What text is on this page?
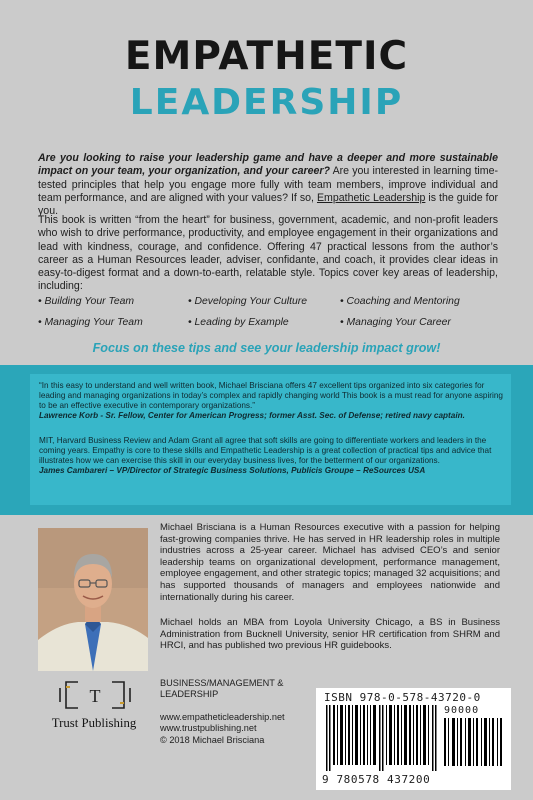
EMPATHETIC
LEADERSHIP

Are you looking to raise your leadership game and have a deeper and more sustainable impact on your team, your organization, and your career? Are you interested in learning time-tested principles that help you engage more fully with team members, improve individual and team performance, and are aligned with your values? If so, Empathetic Leadership is the guide for you.

This book is written “from the heart” for business, government, academic, and non-profit leaders who wish to drive performance, productivity, and employee engagement in their organizations and lead with kindness, courage, and confidence. Offering 47 practical lessons from the author’s career as a Human Resources leader, adviser, confidante, and coach, it provides clear ideas in easy-to-digest format and a down-to-earth, relatable style. Topics cover key areas of leadership, including:

• Building Your Team	• Developing Your Culture	• Coaching and Mentoring
• Managing Your Team	• Leading by Example	• Managing Your Career
Focus on these tips and see your leadership impact grow!

“In this easy to understand and well written book, Michael Brisciana offers 47 excellent tips organized into six categories for leading and managing organizations in today’s complex and rapidly changing world This book is a must read for anyone aspiring to be an effective executive in contemporary organizations.”
Lawrence Korb - Sr. Fellow, Center for American Progress; former Asst. Sec. of Defense; retired navy captain.

MIT, Harvard Business Review and Adam Grant all agree that soft skills are going to differentiate workers and leaders in the coming years. Empathy is core to these skills and Empathetic Leadership is a great collection of practical tips and advice that illustrates how we can exercise this skill in our everyday business lives, for the betterment of our organizations.
James Cambareri – VP/Director of Strategic Business Solutions, Publicis Groupe – ReSources USA

Michael Brisciana is a Human Resources executive with a passion for helping fast-growing companies thrive. He has served in HR leadership roles in multiple industries across a 25-year career. Michael has advised CEO’s and senior leadership teams on organizational development, performance management, employee engagement, and other strategic topics; managed 32 acquisitions; and has supported thousands of managers and employees nationwide and internationally during his career.

Michael holds an MBA from Loyola University Chicago, a BS in Business Administration from Bucknell University, senior HR certification from SHRM and HRCI, and has published two previous HR guidebooks.

T
Trust Publishing

BUSINESS/MANAGEMENT &
LEADERSHIP

www.empatheticleadership.net
www.trustpublishing.net
© 2018 Michael Brisciana

ISBN 978-0-578-43720-0
90000
9 780578 437200
